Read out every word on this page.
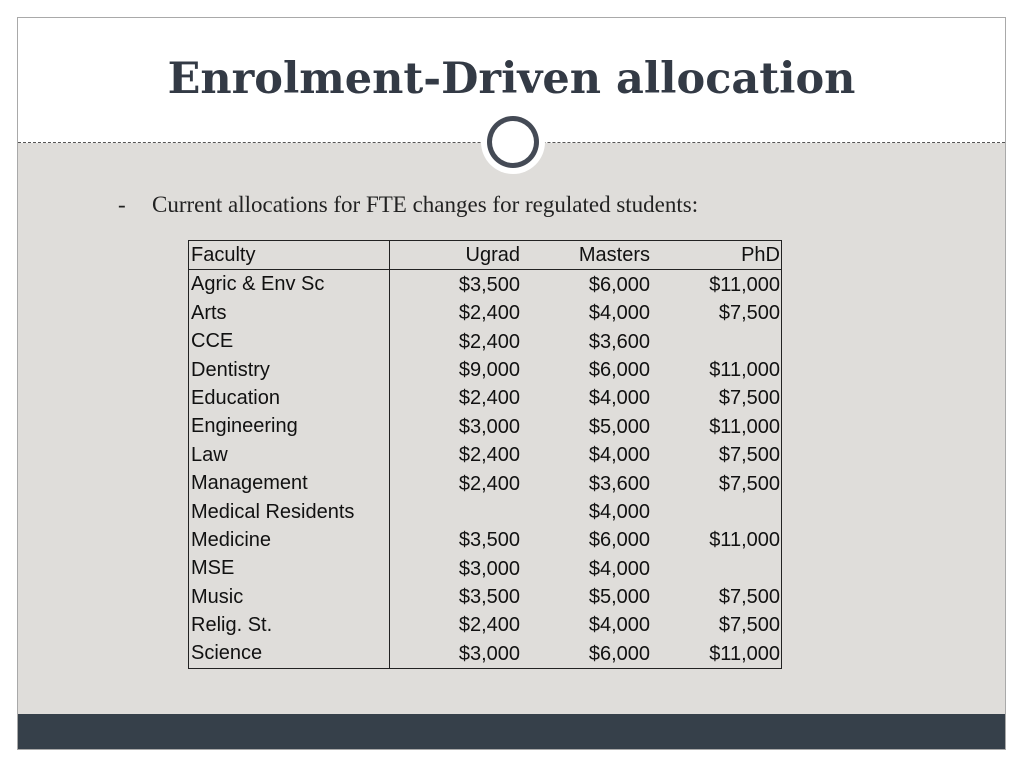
Enrolment-Driven allocation
- Current allocations for FTE changes for regulated students:
Faculty	Ugrad	Masters	PhD
Agric & Env Sc	$3,500	$6,000	$11,000
Arts	$2,400	$4,000	$7,500
CCE	$2,400	$3,600	
Dentistry	$9,000	$6,000	$11,000
Education	$2,400	$4,000	$7,500
Engineering	$3,000	$5,000	$11,000
Law	$2,400	$4,000	$7,500
Management	$2,400	$3,600	$7,500
Medical Residents		$4,000	
Medicine	$3,500	$6,000	$11,000
MSE	$3,000	$4,000	
Music	$3,500	$5,000	$7,500
Relig. St.	$2,400	$4,000	$7,500
Science	$3,000	$6,000	$11,000
